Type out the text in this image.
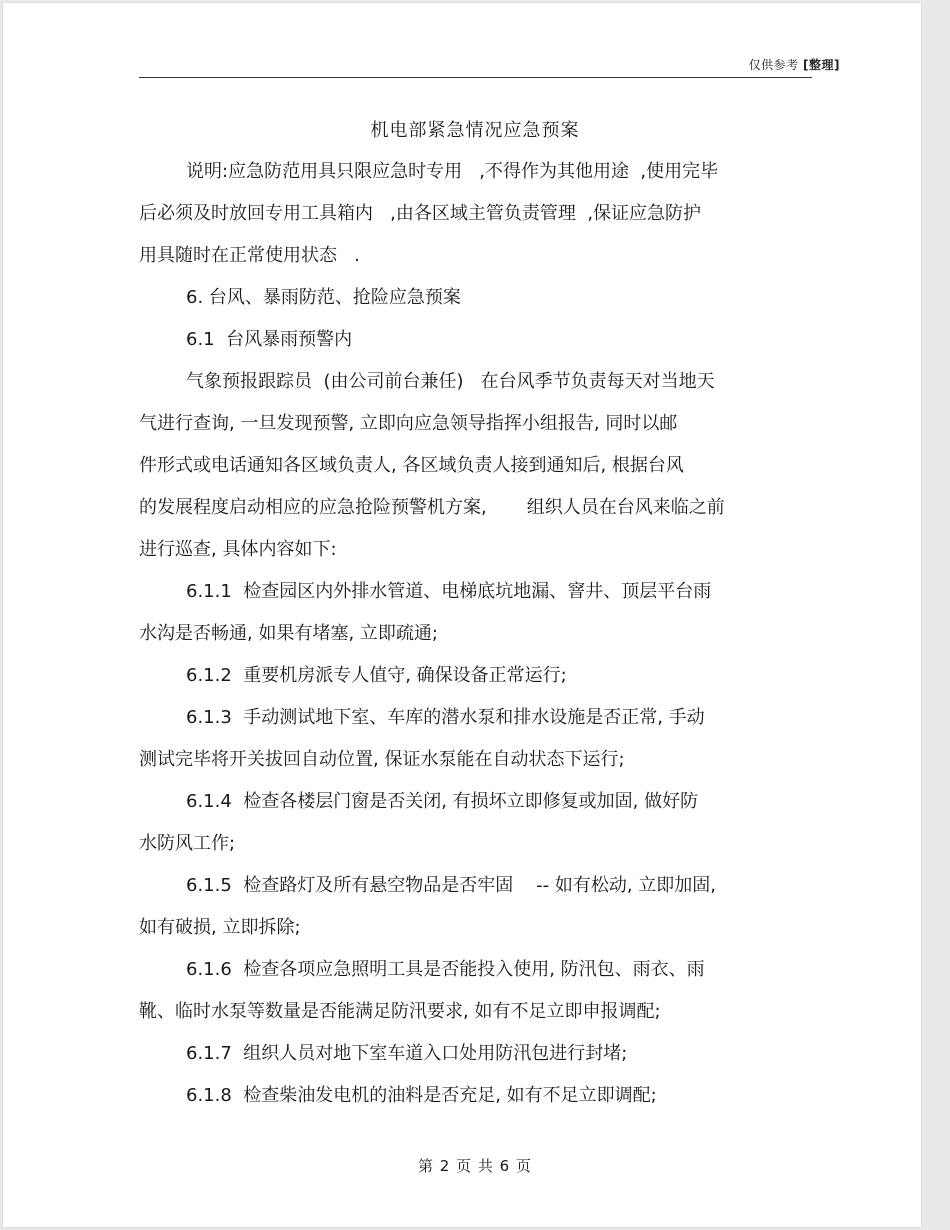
仅供参考 [整理]
机电部紧急情况应急预案
说明:应急防范用具只限应急时专用   ,不得作为其他用途  ,使用完毕
后必须及时放回专用工具箱内   ,由各区域主管负责管理  ,保证应急防护
用具随时在正常使用状态   .
6. 台风、暴雨防范、抢险应急预案
6.1  台风暴雨预警内
气象预报跟踪员  (由公司前台兼任)   在台风季节负责每天对当地天
气进行查询, 一旦发现预警, 立即向应急领导指挥小组报告, 同时以邮
件形式或电话通知各区域负责人, 各区域负责人接到通知后, 根据台风
的发展程度启动相应的应急抢险预警机方案,       组织人员在台风来临之前
进行巡查, 具体内容如下:
6.1.1  检查园区内外排水管道、电梯底坑地漏、窨井、顶层平台雨
水沟是否畅通, 如果有堵塞, 立即疏通;
6.1.2  重要机房派专人值守, 确保设备正常运行;
6.1.3  手动测试地下室、车库的潜水泵和排水设施是否正常, 手动
测试完毕将开关拔回自动位置, 保证水泵能在自动状态下运行;
6.1.4  检查各楼层门窗是否关闭, 有损坏立即修复或加固, 做好防
水防风工作;
6.1.5  检查路灯及所有悬空物品是否牢固    -- 如有松动, 立即加固,
如有破损, 立即拆除;
6.1.6  检查各项应急照明工具是否能投入使用, 防汛包、雨衣、雨
靴、临时水泵等数量是否能满足防汛要求, 如有不足立即申报调配;
6.1.7  组织人员对地下室车道入口处用防汛包进行封堵;
6.1.8  检查柴油发电机的油料是否充足, 如有不足立即调配;
第 2 页 共 6 页
